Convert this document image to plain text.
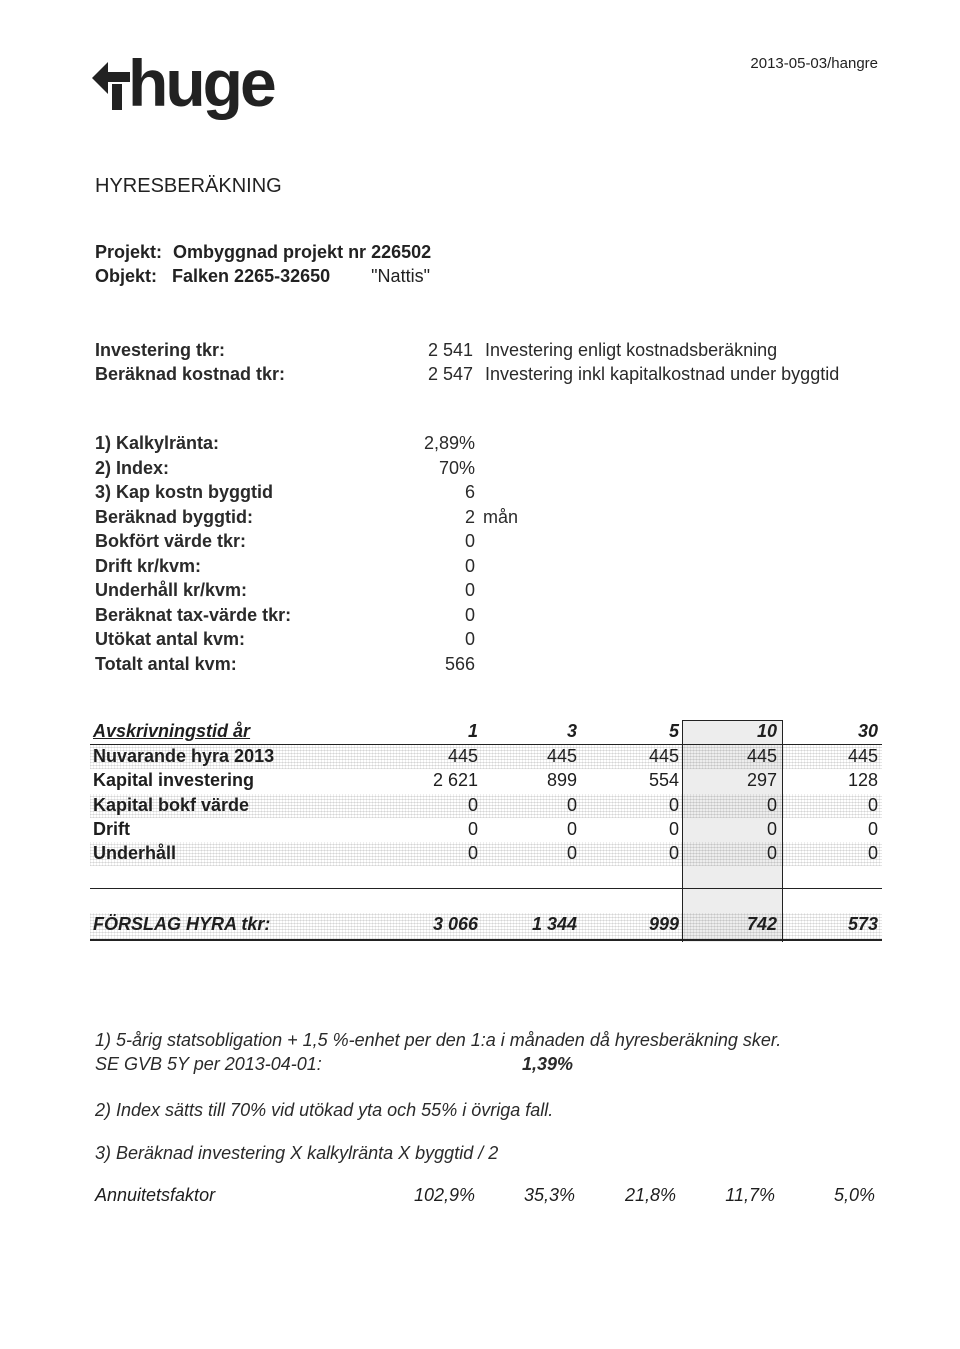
huge	2013-05-03/hangre
HYRESBERÄKNING
Projekt: Ombyggnad projekt nr 226502
Objekt: Falken 2265-32650 "Nattis"
Investering tkr:	2 541 Investering enligt kostnadsberäkning
Beräknad kostnad tkr:	2 547 Investering inkl kapitalkostnad under byggtid
1) Kalkylränta:	2,89%
2) Index:	70%
3) Kap kostn byggtid	6
Beräknad byggtid:	2 mån
Bokfört värde tkr:	0
Drift kr/kvm:	0
Underhåll kr/kvm:	0
Beräknat tax-värde tkr:	0
Utökat antal kvm:	0
Totalt antal kvm:	566
Avskrivningstid år	1	3	5	10	30
Nuvarande hyra 2013	445	445	445	445	445
Kapital investering	2 621	899	554	297	128
Kapital bokf värde	0	0	0	0	0
Drift	0	0	0	0	0
Underhåll	0	0	0	0	0
FÖRSLAG HYRA tkr:	3 066	1 344	999	742	573
1) 5-årig statsobligation + 1,5 %-enhet per den 1:a i månaden då hyresberäkning sker.
SE GVB 5Y per 2013-04-01:	1,39%
2) Index sätts till 70% vid utökad yta och 55% i övriga fall.
3) Beräknad investering X kalkylränta X byggtid / 2
Annuitetsfaktor	102,9%	35,3%	21,8%	11,7%	5,0%
